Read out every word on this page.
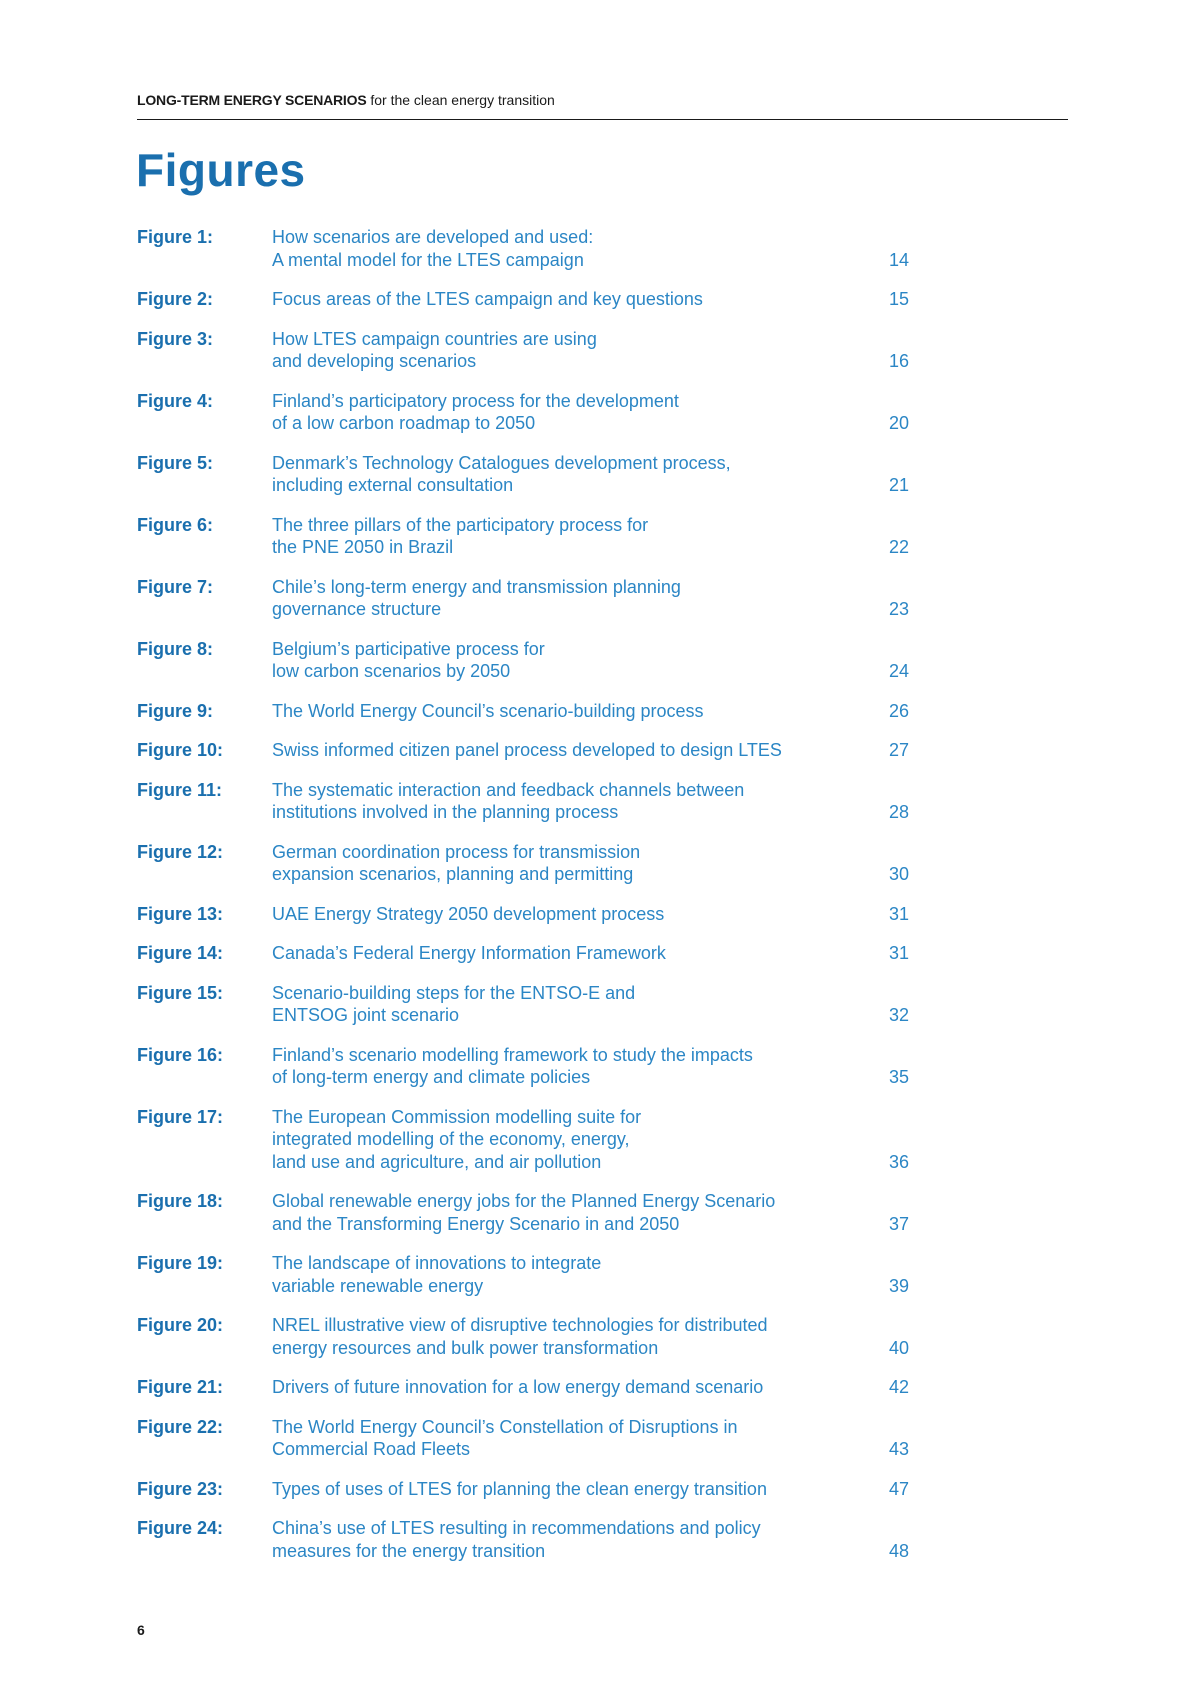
LONG-TERM ENERGY SCENARIOS for the clean energy transition
Figures
Figure 1:	How scenarios are developed and used:
A mental model for the LTES campaign	14
Figure 2:	Focus areas of the LTES campaign and key questions	15
Figure 3:	How LTES campaign countries are using
and developing scenarios	16
Figure 4:	Finland’s participatory process for the development
of a low carbon roadmap to 2050	20
Figure 5:	Denmark’s Technology Catalogues development process,
including external consultation	21
Figure 6:	The three pillars of the participatory process for
the PNE 2050 in Brazil	22
Figure 7:	Chile’s long-term energy and transmission planning
governance structure	23
Figure 8:	Belgium’s participative process for
low carbon scenarios by 2050	24
Figure 9:	The World Energy Council’s scenario-building process	26
Figure 10:	Swiss informed citizen panel process developed to design LTES	27
Figure 11:	The systematic interaction and feedback channels between
institutions involved in the planning process	28
Figure 12:	German coordination process for transmission
expansion scenarios, planning and permitting	30
Figure 13:	UAE Energy Strategy 2050 development process	31
Figure 14:	Canada’s Federal Energy Information Framework	31
Figure 15:	Scenario-building steps for the ENTSO-E and
ENTSOG joint scenario	32
Figure 16:	Finland’s scenario modelling framework to study the impacts
of long-term energy and climate policies	35
Figure 17:	The European Commission modelling suite for
integrated modelling of the economy, energy,
land use and agriculture, and air pollution	36
Figure 18:	Global renewable energy jobs for the Planned Energy Scenario
and the Transforming Energy Scenario in and 2050	37
Figure 19:	The landscape of innovations to integrate
variable renewable energy	39
Figure 20:	NREL illustrative view of disruptive technologies for distributed
energy resources and bulk power transformation	40
Figure 21:	Drivers of future innovation for a low energy demand scenario	42
Figure 22:	The World Energy Council’s Constellation of Disruptions in
Commercial Road Fleets	43
Figure 23:	Types of uses of LTES for planning the clean energy transition	47
Figure 24:	China’s use of LTES resulting in recommendations and policy
measures for the energy transition	48
6
